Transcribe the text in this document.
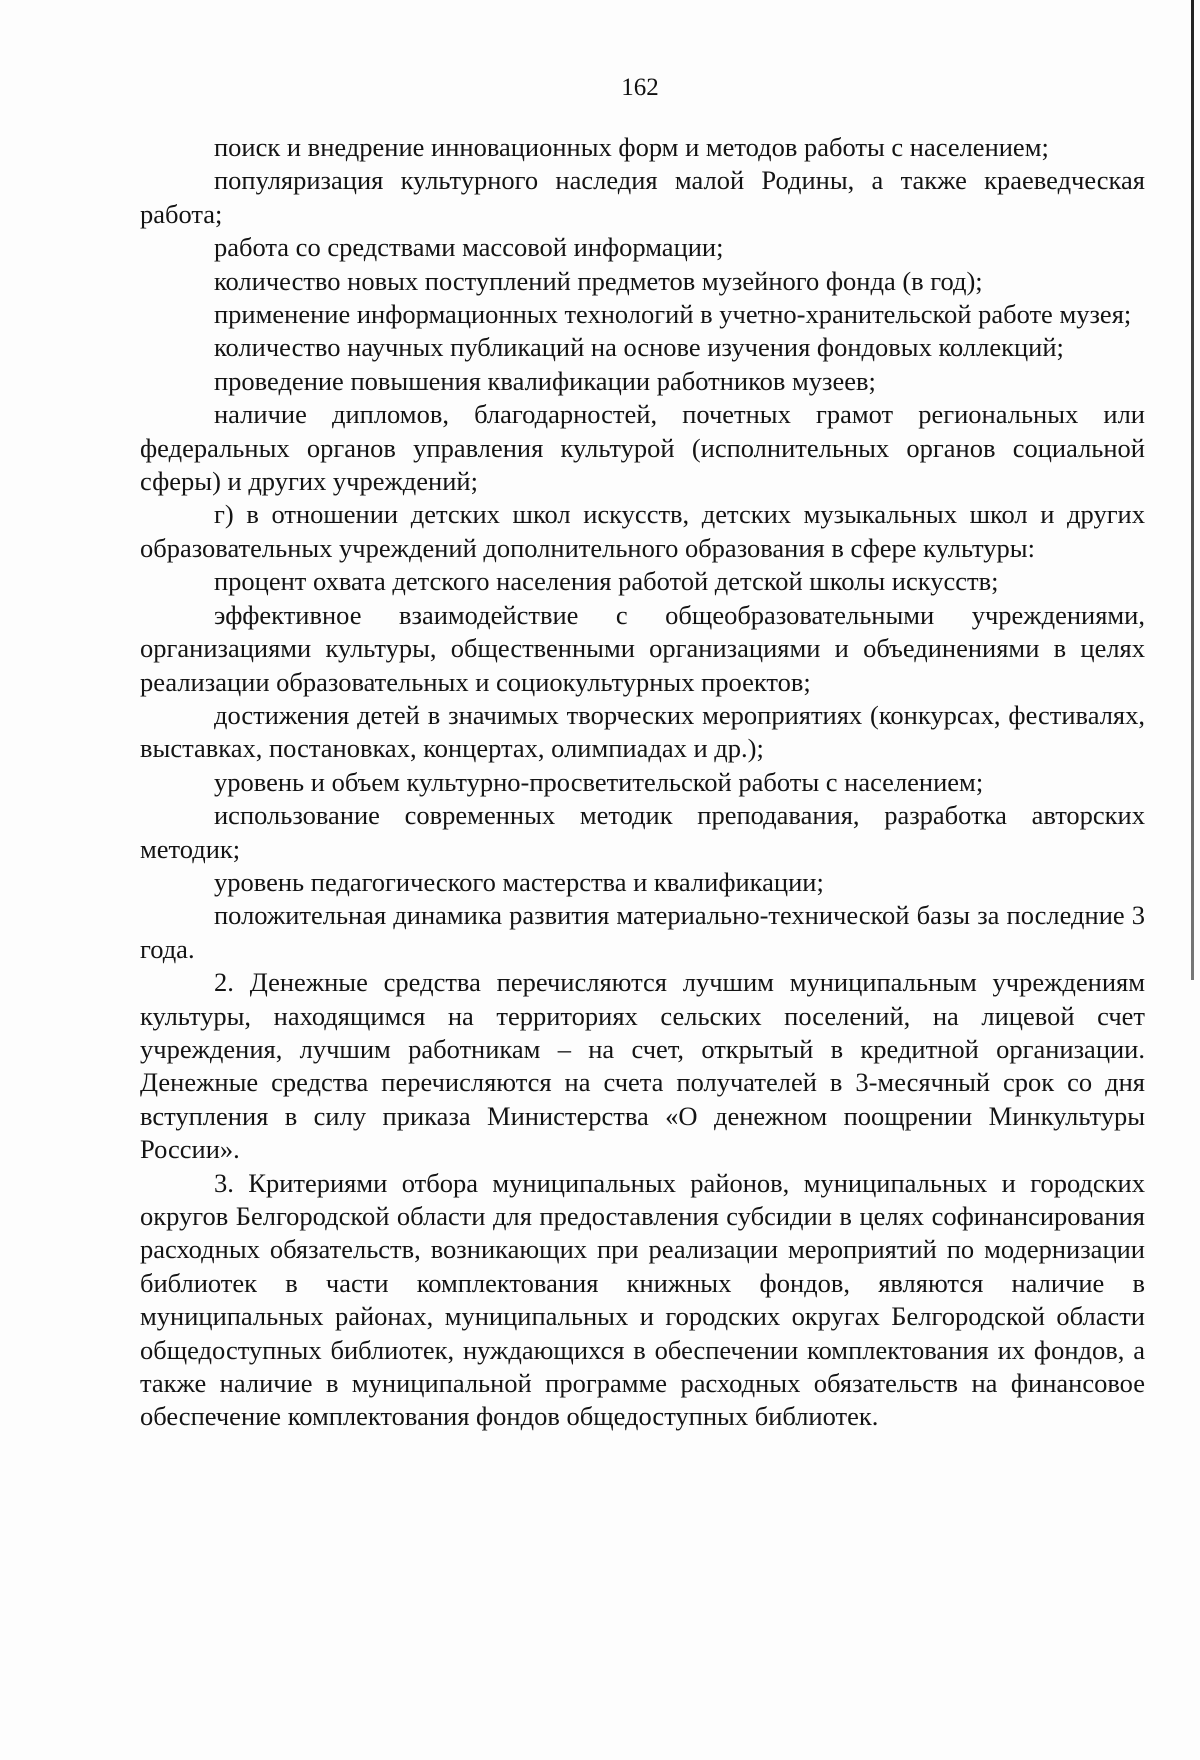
162

поиск и внедрение инновационных форм и методов работы с населением;

популяризация культурного наследия малой Родины, а также краеведческая работа;

работа со средствами массовой информации;

количество новых поступлений предметов музейного фонда (в год);

применение информационных технологий в учетно-хранительской работе музея;

количество научных публикаций на основе изучения фондовых коллекций;

проведение повышения квалификации работников музеев;

наличие дипломов, благодарностей, почетных грамот региональных или федеральных органов управления культурой (исполнительных органов социальной сферы) и других учреждений;

г) в отношении детских школ искусств, детских музыкальных школ и других образовательных учреждений дополнительного образования в сфере культуры:

процент охвата детского населения работой детской школы искусств;

эффективное взаимодействие с общеобразовательными учреждениями, организациями культуры, общественными организациями и объединениями в целях реализации образовательных и социокультурных проектов;

достижения детей в значимых творческих мероприятиях (конкурсах, фестивалях, выставках, постановках, концертах, олимпиадах и др.);

уровень и объем культурно-просветительской работы с населением;

использование современных методик преподавания, разработка авторских методик;

уровень педагогического мастерства и квалификации;

положительная динамика развития материально-технической базы за последние 3 года.

2. Денежные средства перечисляются лучшим муниципальным учреждениям культуры, находящимся на территориях сельских поселений, на лицевой счет учреждения, лучшим работникам – на счет, открытый в кредитной организации. Денежные средства перечисляются на счета получателей в 3-месячный срок со дня вступления в силу приказа Министерства «О денежном поощрении Минкультуры России».

3. Критериями отбора муниципальных районов, муниципальных и городских округов Белгородской области для предоставления субсидии в целях софинансирования расходных обязательств, возникающих при реализации мероприятий по модернизации библиотек в части комплектования книжных фондов, являются наличие в муниципальных районах, муниципальных и городских округах Белгородской области общедоступных библиотек, нуждающихся в обеспечении комплектования их фондов, а также наличие в муниципальной программе расходных обязательств на финансовое обеспечение комплектования фондов общедоступных библиотек.
